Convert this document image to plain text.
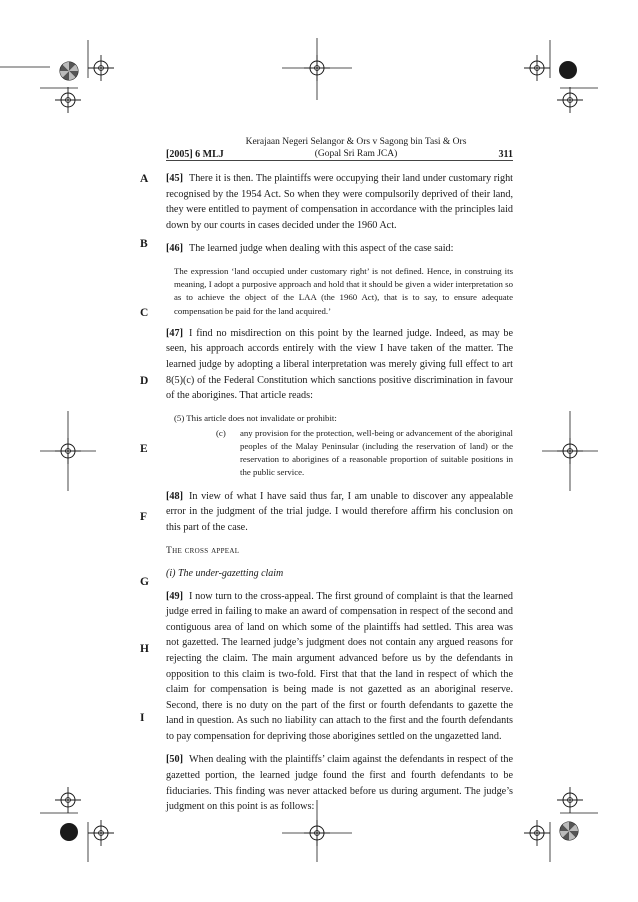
Kerajaan Negeri Selangor & Ors v Sagong bin Tasi & Ors
(Gopal Sri Ram JCA)
[2005] 6 MLJ	311
A
B
C
D
E
F
G
H
I

[45] There it is then. The plaintiffs were occupying their land under customary right recognised by the 1954 Act. So when they were compulsorily deprived of their land, they were entitled to payment of compensation in accordance with the principles laid down by our courts in cases decided under the 1960 Act.

[46] The learned judge when dealing with this aspect of the case said:

The expression ‘land occupied under customary right’ is not defined. Hence, in construing its meaning, I adopt a purposive approach and hold that it should be given a wider interpretation so as to achieve the object of the LAA (the 1960 Act), that is to say, to ensure adequate compensation be paid for the land acquired.’

[47] I find no misdirection on this point by the learned judge. Indeed, as may be seen, his approach accords entirely with the view I have taken of the matter. The learned judge by adopting a liberal interpretation was merely giving full effect to art 8(5)(c) of the Federal Constitution which sanctions positive discrimination in favour of the aborigines. That article reads:

(5) This article does not invalidate or prohibit:
(c)	any provision for the protection, well-being or advancement of the aboriginal peoples of the Malay Peninsular (including the reservation of land) or the reservation to aborigines of a reasonable proportion of suitable positions in the public service.

[48] In view of what I have said thus far, I am unable to discover any appealable error in the judgment of the trial judge. I would therefore affirm his conclusion on this part of the case.

The cross appeal
(i) The under-gazetting claim

[49] I now turn to the cross-appeal. The first ground of complaint is that the learned judge erred in failing to make an award of compensation in respect of the second and contiguous area of land on which some of the plaintiffs had settled. This area was not gazetted. The learned judge’s judgment does not contain any argued reasons for rejecting the claim. The main argument advanced before us by the defendants in opposition to this claim is two-fold. First that that the land in respect of which the claim for compensation is being made is not gazetted as an aboriginal reserve. Second, there is no duty on the part of the first or fourth defendants to gazette the land in question. As such no liability can attach to the first and the fourth defendants to pay compensation for depriving those aborigines settled on the ungazetted land.

[50] When dealing with the plaintiffs’ claim against the defendants in respect of the gazetted portion, the learned judge found the first and fourth defendants to be fiduciaries. This finding was never attacked before us during argument. The judge’s judgment on this point is as follows:
